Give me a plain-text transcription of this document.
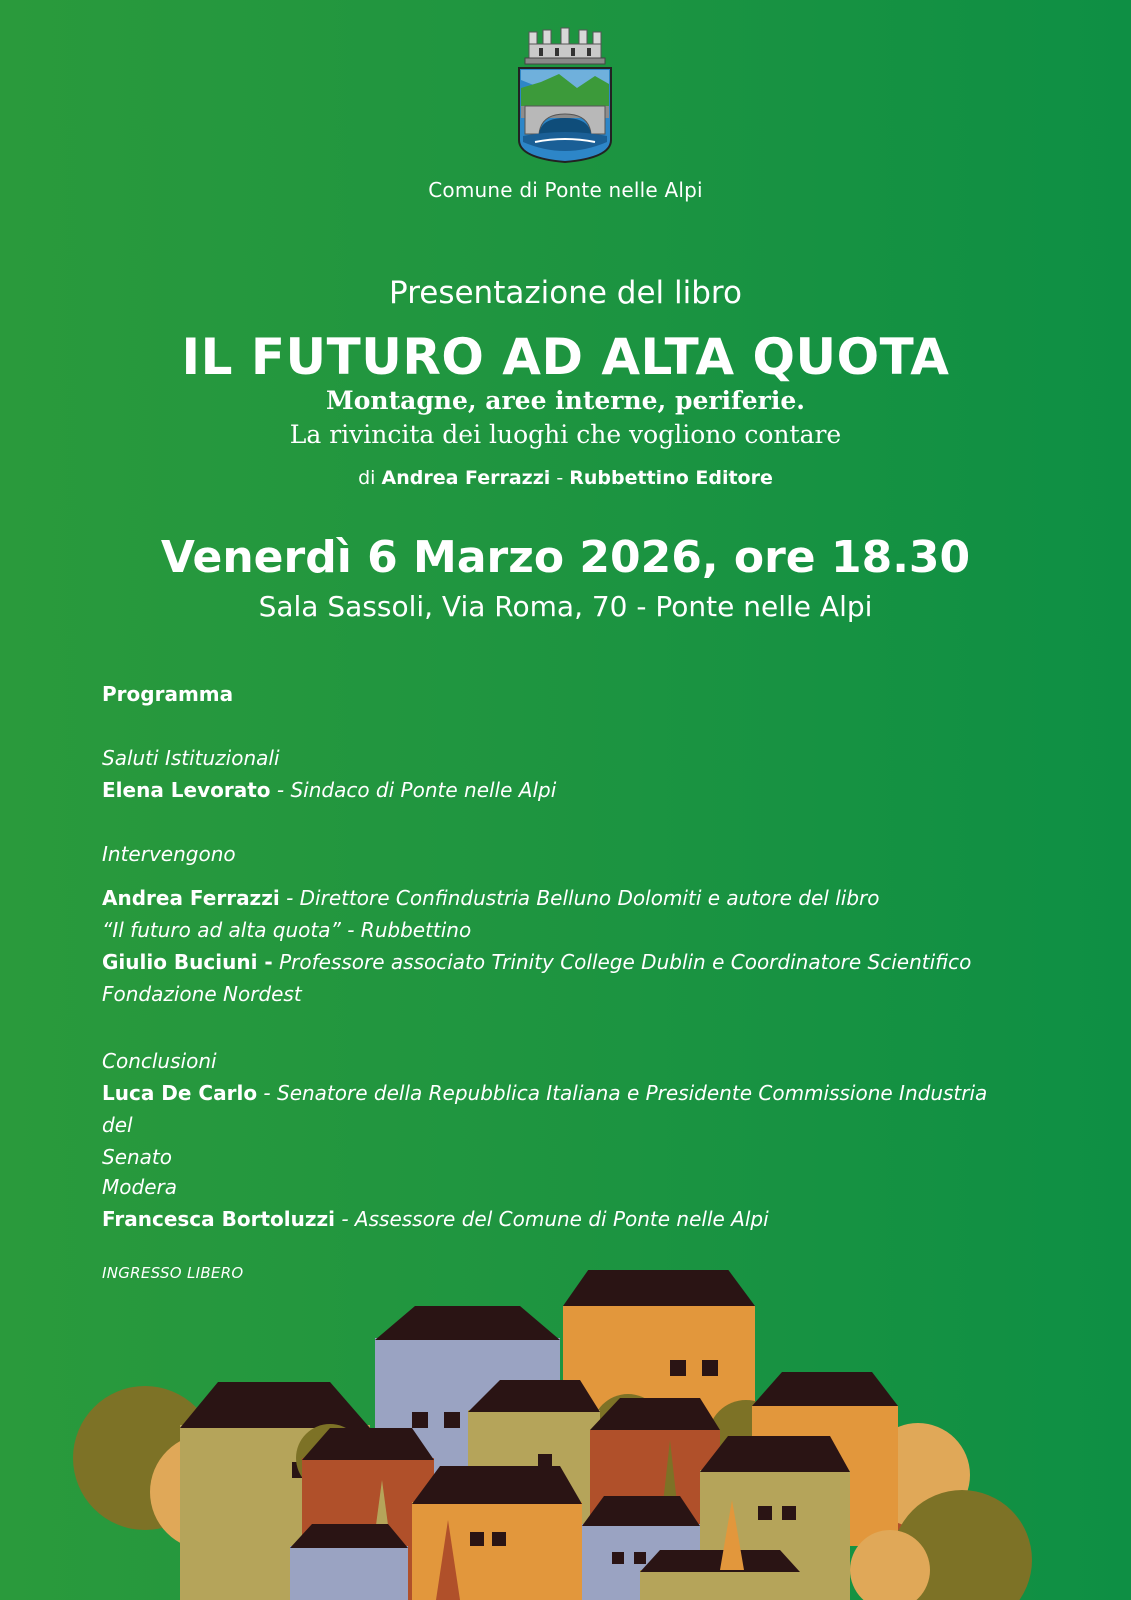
Comune di Ponte nelle Alpi
Presentazione del libro
IL FUTURO AD ALTA QUOTA
Montagne, aree interne, periferie.
La rivincita dei luoghi che vogliono contare
di Andrea Ferrazzi - Rubbettino Editore
Venerdì 6 Marzo 2026, ore 18.30
Sala Sassoli, Via Roma, 70 - Ponte nelle Alpi
Programma
Saluti Istituzionali
Elena Levorato - Sindaco di Ponte nelle Alpi
Intervengono
Andrea Ferrazzi - Direttore Confindustria Belluno Dolomiti e autore del libro
“Il futuro ad alta quota” - Rubbettino
Giulio Buciuni - Professore associato Trinity College Dublin e Coordinatore Scientifico
Fondazione Nordest
Conclusioni
Luca De Carlo - Senatore della Repubblica Italiana e Presidente Commissione Industria del
Senato
Modera
Francesca Bortoluzzi - Assessore del Comune di Ponte nelle Alpi
INGRESSO LIBERO
